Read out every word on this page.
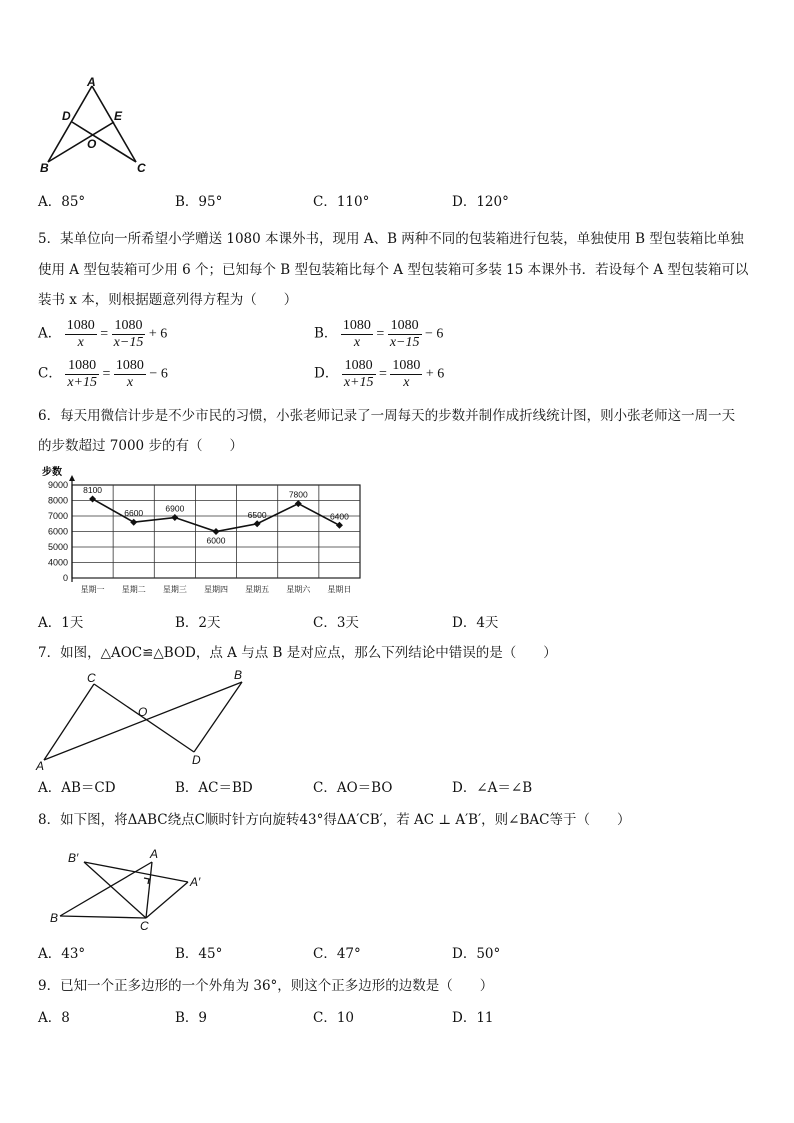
A
D	E
O
B	C
A．85°	B．95°	C．110°	D．120°
5．某单位向一所希望小学赠送 1080 本课外书，现用 A、B 两种不同的包装箱进行包装，单独使用 B 型包装箱比单独
使用 A 型包装箱可少用 6 个；已知每个 B 型包装箱比每个 A 型包装箱可多装 15 本课外书．若设每个 A 型包装箱可以
装书 x 本，则根据题意列得方程为（　　）
A． $\frac{1080}{x} = \frac{1080}{x-15} + 6$	B． $\frac{1080}{x} = \frac{1080}{x-15} - 6$
C． $\frac{1080}{x+15} = \frac{1080}{x} - 6$	D． $\frac{1080}{x+15} = \frac{1080}{x} + 6$
6．每天用微信计步是不少市民的习惯，小张老师记录了一周每天的步数并制作成折线统计图，则小张老师这一周一天
的步数超过 7000 步的有（　　）
步数
9000
8000
7000
6000
5000
4000
0
星期一 星期二 星期三 星期四 星期五 星期六 星期日
8100
6600	6900
6000
6500
7800
6400
A．1天	B．2天	C．3天	D．4天
7．如图，△AOC≌△BOD，点 A 与点 B 是对应点，那么下列结论中错误的是（　　）
C	B
O
A	D
A．AB＝CD	B．AC＝BD	C．AO＝BO	D．∠A＝∠B
8．如下图，将ΔABC绕点C顺时针方向旋转43°得ΔA′CB′，若 AC ⊥ A′B′，则∠BAC等于（　　）
B′	A
A′
B
C
A．43°	B．45°	C．47°	D．50°
9．已知一个正多边形的一个外角为 36°，则这个正多边形的边数是（　　）
A．8	B．9	C．10	D．11
